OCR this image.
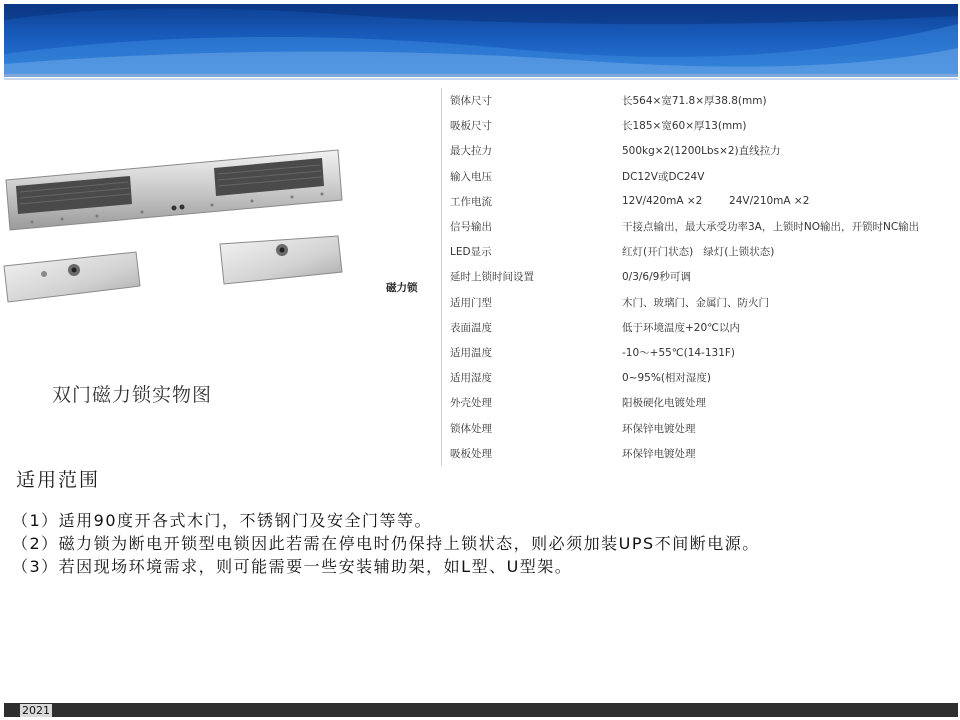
双门磁力锁实物图
磁力锁
锁体尺寸	长564×宽71.8×厚38.8(mm)
吸板尺寸	长185×宽60×厚13(mm)
最大拉力	500kg×2(1200Lbs×2)直线拉力
输入电压	DC12V或DC24V
工作电流	12V/420mA ×2        24V/210mA ×2
信号输出	干接点输出，最大承受功率3A，上锁时NO输出，开锁时NC输出
LED显示	红灯(开门状态)   绿灯(上锁状态)
延时上锁时间设置	0/3/6/9秒可调
适用门型	木门、玻璃门、金属门、防火门
表面温度	低于环境温度+20℃以内
适用温度	-10～+55℃(14-131F)
适用湿度	0~95%(相对湿度)
外壳处理	阳极硬化电镀处理
锁体处理	环保锌电镀处理
吸板处理	环保锌电镀处理
适用范围
（1）适用90度开各式木门，不锈钢门及安全门等等。
（2）磁力锁为断电开锁型电锁因此若需在停电时仍保持上锁状态，则必须加装UPS不间断电源。
（3）若因现场环境需求，则可能需要一些安装辅助架，如L型、U型架。
2021
